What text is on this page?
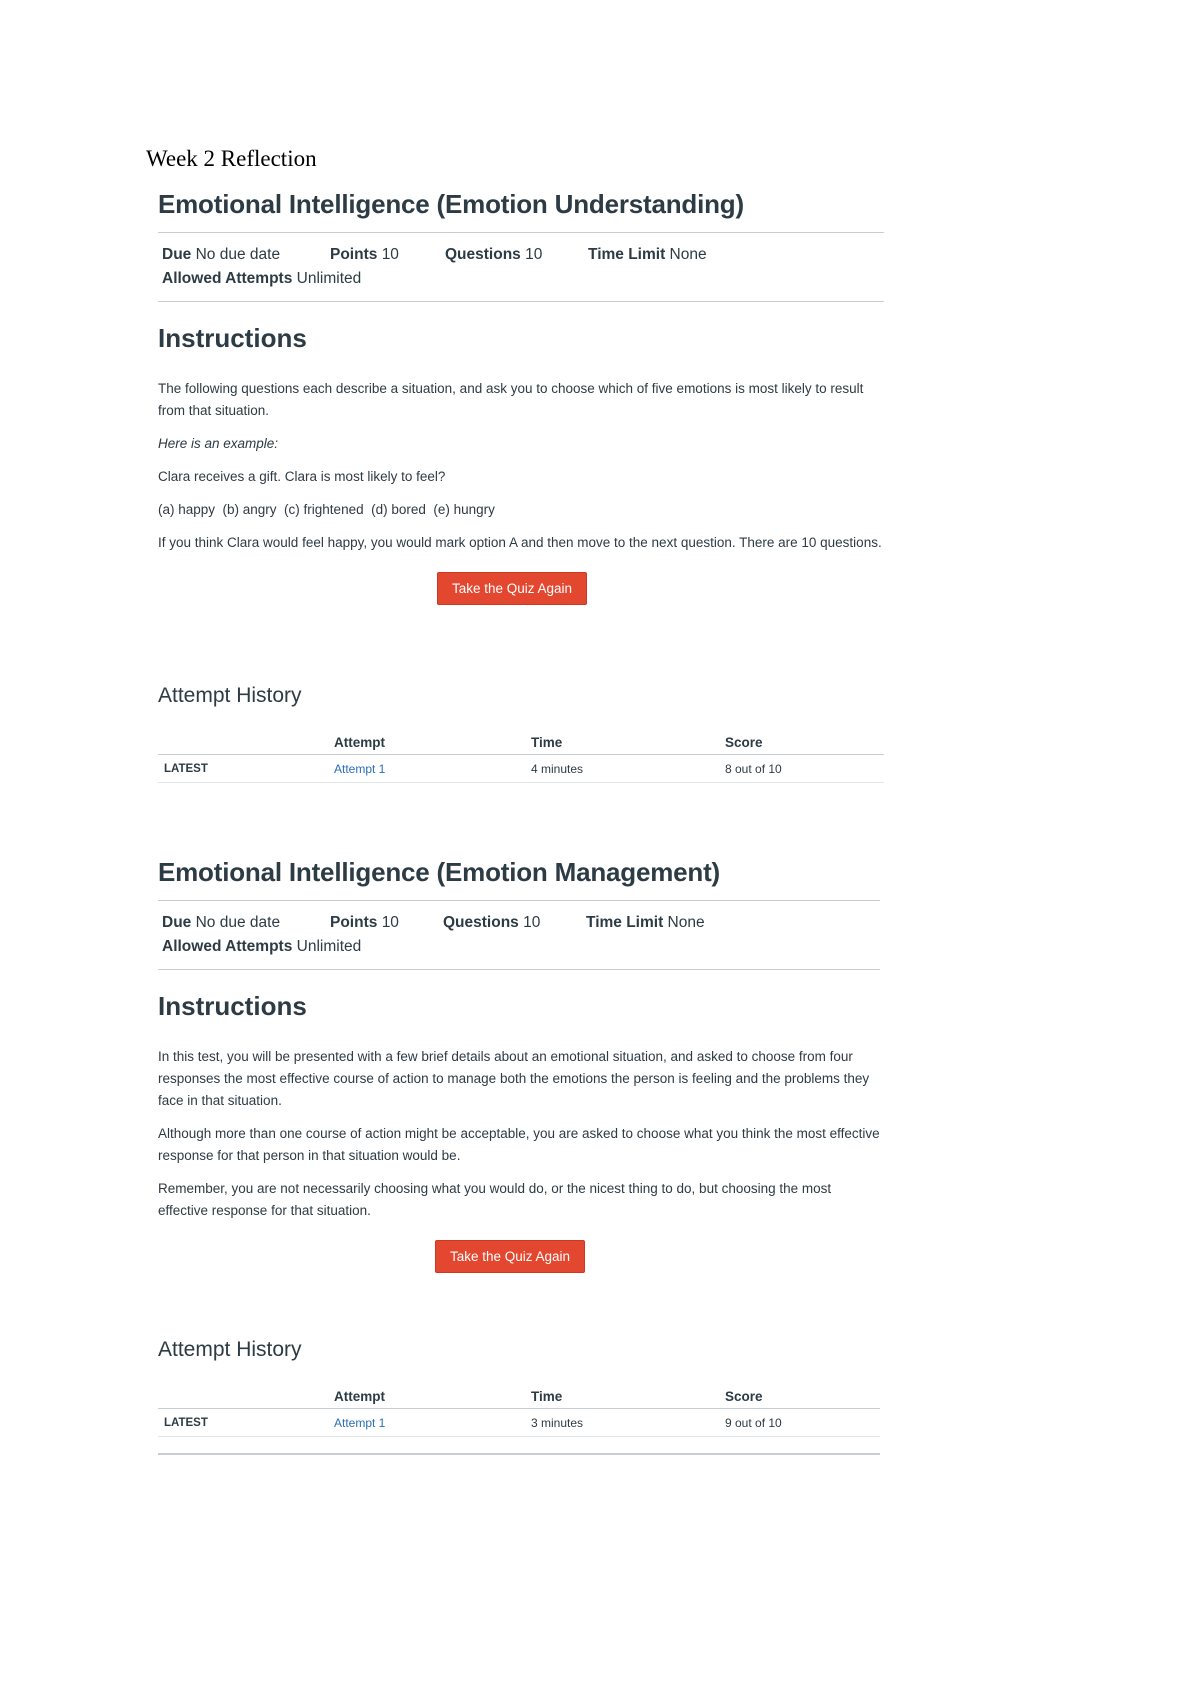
Week 2 Reflection
Emotional Intelligence (Emotion Understanding)
Due No due date	Points 10	Questions 10	Time Limit None
Allowed Attempts Unlimited
Instructions

The following questions each describe a situation, and ask you to choose which of five emotions is most likely to result from that situation.

Here is an example:

Clara receives a gift. Clara is most likely to feel?

(a) happy  (b) angry  (c) frightened  (d) bored  (e) hungry

If you think Clara would feel happy, you would mark option A and then move to the next question. There are 10 questions.

Take the Quiz Again
Attempt History
	Attempt	Time	Score
LATEST	Attempt 1	4 minutes	8 out of 10
Emotional Intelligence (Emotion Management)
Due No due date	Points 10	Questions 10	Time Limit None
Allowed Attempts Unlimited
Instructions

In this test, you will be presented with a few brief details about an emotional situation, and asked to choose from four responses the most effective course of action to manage both the emotions the person is feeling and the problems they face in that situation.

Although more than one course of action might be acceptable, you are asked to choose what you think the most effective response for that person in that situation would be.

Remember, you are not necessarily choosing what you would do, or the nicest thing to do, but choosing the most effective response for that situation.

Take the Quiz Again
Attempt History
	Attempt	Time	Score
LATEST	Attempt 1	3 minutes	9 out of 10
